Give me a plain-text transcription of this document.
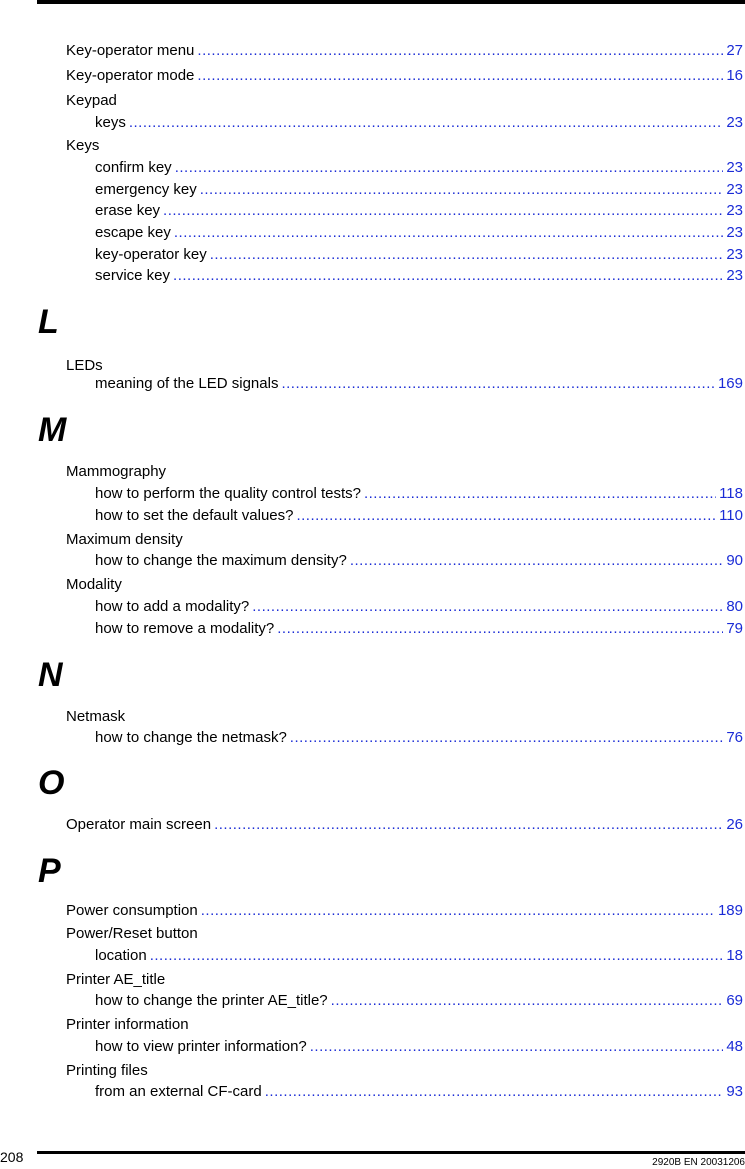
Key-operator menu .....	27
Key-operator mode .....	16
Keypad
keys .....	23
Keys
confirm key .....	23
emergency key .....	23
erase key .....	23
escape key .....	23
key-operator key .....	23
service key .....	23
L
LEDs
meaning of the LED signals .....	169
M
Mammography
how to perform the quality control tests? .....	118
how to set the default values? .....	110
Maximum density
how to change the maximum density? .....	90
Modality
how to add a modality? .....	80
how to remove a modality? .....	79
N
Netmask
how to change the netmask? .....	76
O
Operator main screen .....	26
P
Power consumption .....	189
Power/Reset button
location .....	18
Printer AE_title
how to change the printer AE_title? .....	69
Printer information
how to view printer information? .....	48
Printing files
from an external CF-card .....	93
208	2920B EN 20031206
